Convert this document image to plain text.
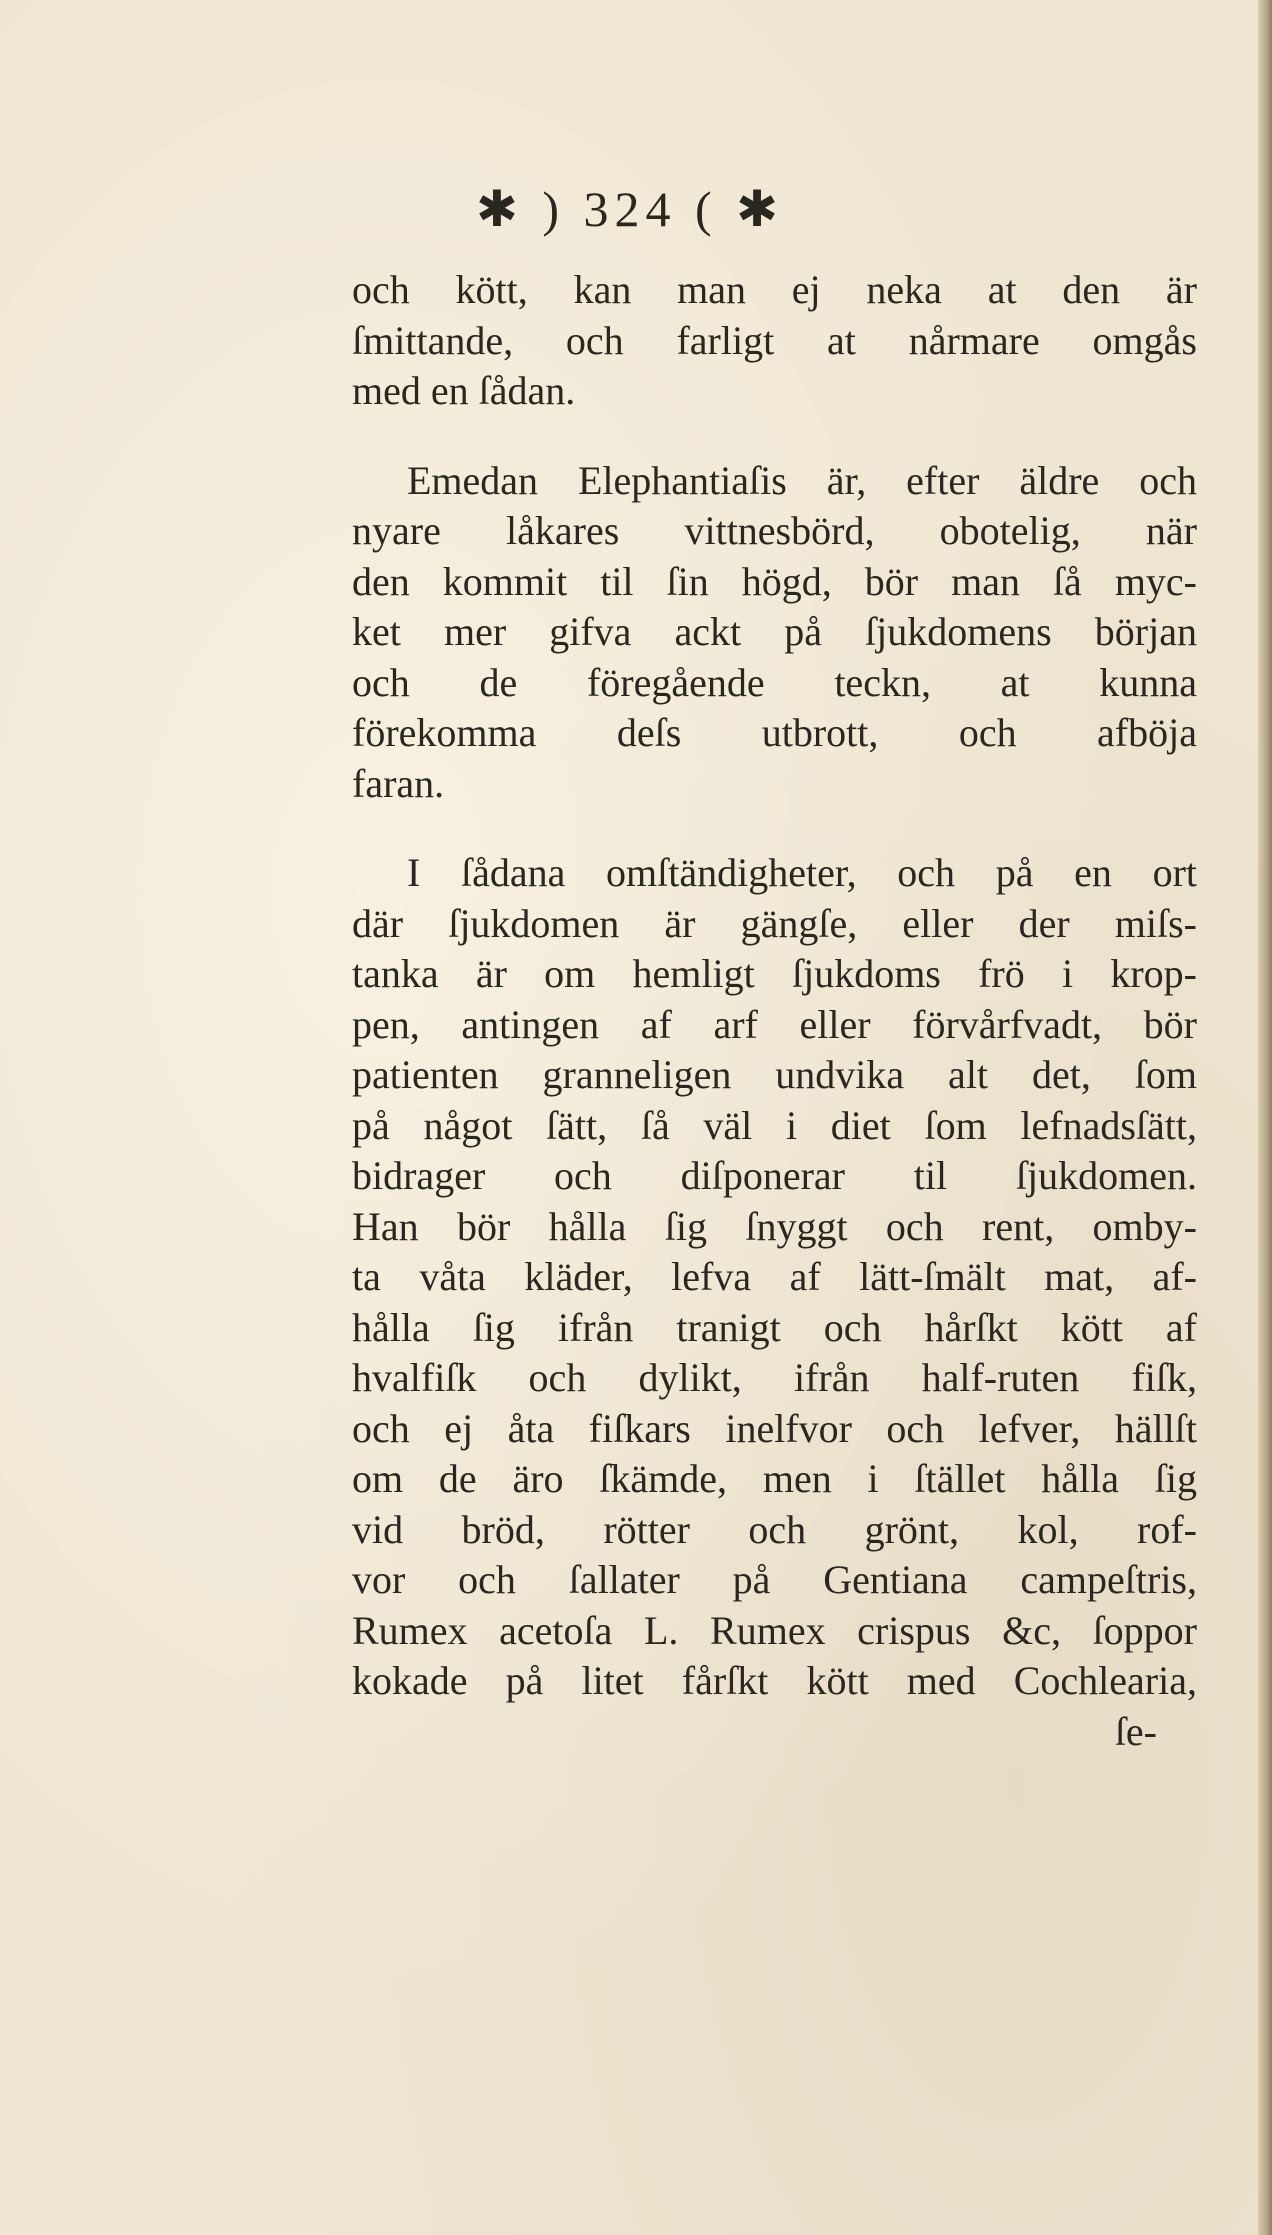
✱ ) 324 ( ✱
och kött, kan man ej neka at den är
ſmittande, och farligt at nårmare omgås
med en ſådan.
Emedan Elephantiaſis är, efter äldre och
nyare låkares vittnesbörd, obotelig, när
den kommit til ſin högd, bör man ſå myc-
ket mer gifva ackt på ſjukdomens början
och de föregående teckn, at kunna
förekomma deſs utbrott, och afböja
faran.
I ſådana omſtändigheter, och på en ort
där ſjukdomen är gängſe, eller der miſs-
tanka är om hemligt ſjukdoms frö i krop-
pen, antingen af arf eller förvårfvadt, bör
patienten granneligen undvika alt det, ſom
på något ſätt, ſå väl i diet ſom lefnadsſätt,
bidrager och diſponerar til ſjukdomen.
Han bör hålla ſig ſnyggt och rent, omby-
ta våta kläder, lefva af lätt-ſmält mat, af-
hålla ſig ifrån tranigt och hårſkt kött af
hvalfiſk och dylikt, ifrån half-ruten fiſk,
och ej åta fiſkars inelfvor och lefver, hällſt
om de äro ſkämde, men i ſtället hålla ſig
vid bröd, rötter och grönt, kol, rof-
vor och ſallater på Gentiana campeſtris,
Rumex acetoſa L. Rumex crispus &c, ſoppor
kokade på litet fårſkt kött med Cochlearia,
ſe-
